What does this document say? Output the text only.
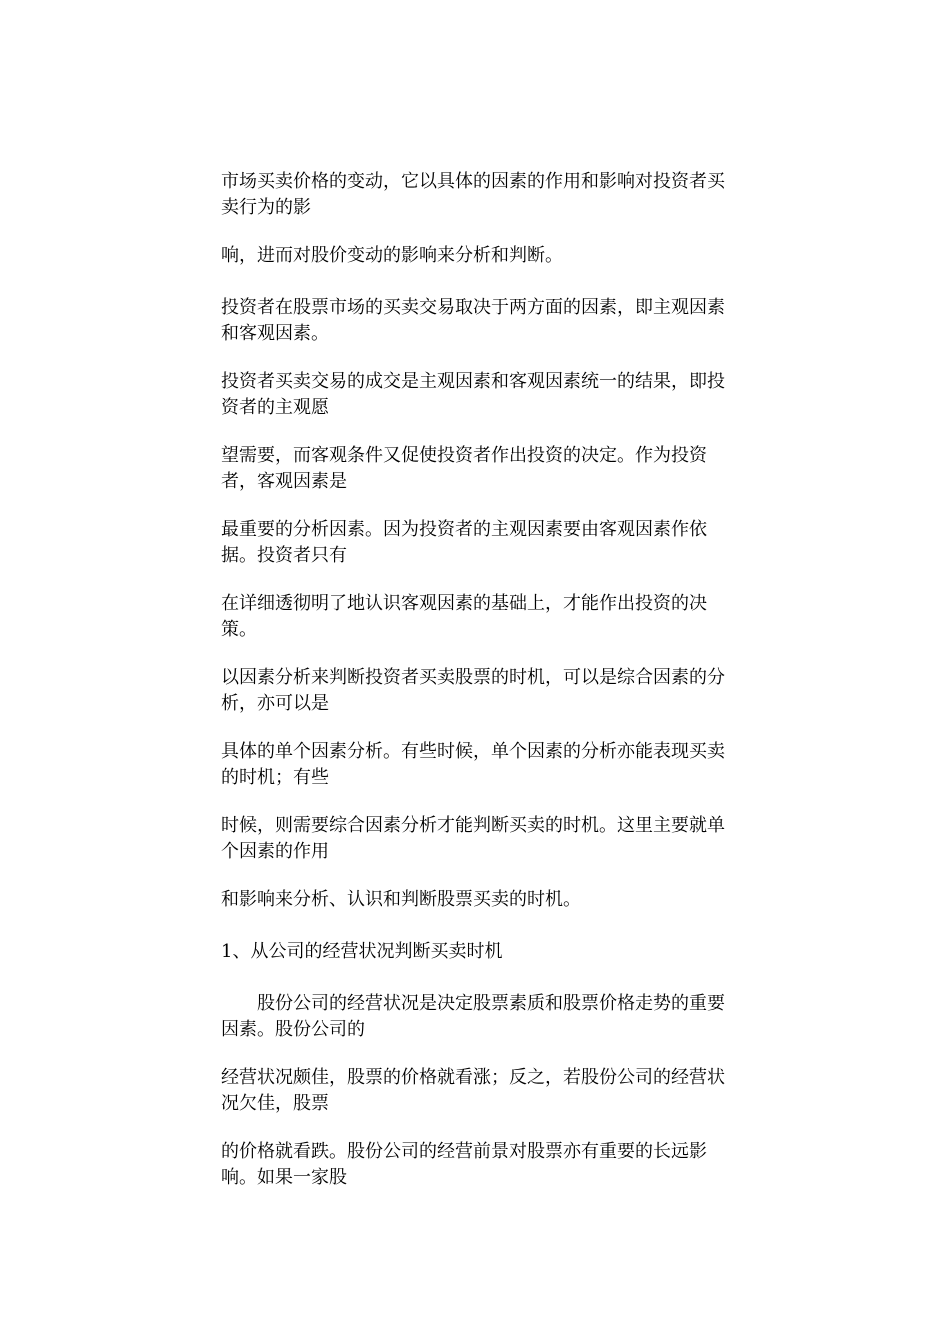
市场买卖价格的变动，它以具体的因素的作用和影响对投资者买卖行为的影

响，进而对股价变动的影响来分析和判断。

投资者在股票市场的买卖交易取决于两方面的因素，即主观因素和客观因素。

投资者买卖交易的成交是主观因素和客观因素统一的结果，即投资者的主观愿

望需要，而客观条件又促使投资者作出投资的决定。作为投资者，客观因素是

最重要的分析因素。因为投资者的主观因素要由客观因素作依据。投资者只有

在详细透彻明了地认识客观因素的基础上，才能作出投资的决策。

以因素分析来判断投资者买卖股票的时机，可以是综合因素的分析，亦可以是

具体的单个因素分析。有些时候，单个因素的分析亦能表现买卖的时机；有些

时候，则需要综合因素分析才能判断买卖的时机。这里主要就单个因素的作用

和影响来分析、认识和判断股票买卖的时机。

1、从公司的经营状况判断买卖时机

股份公司的经营状况是决定股票素质和股票价格走势的重要因素。股份公司的

经营状况颇佳，股票的价格就看涨；反之，若股份公司的经营状况欠佳，股票

的价格就看跌。股份公司的经营前景对股票亦有重要的长远影响。如果一家股
